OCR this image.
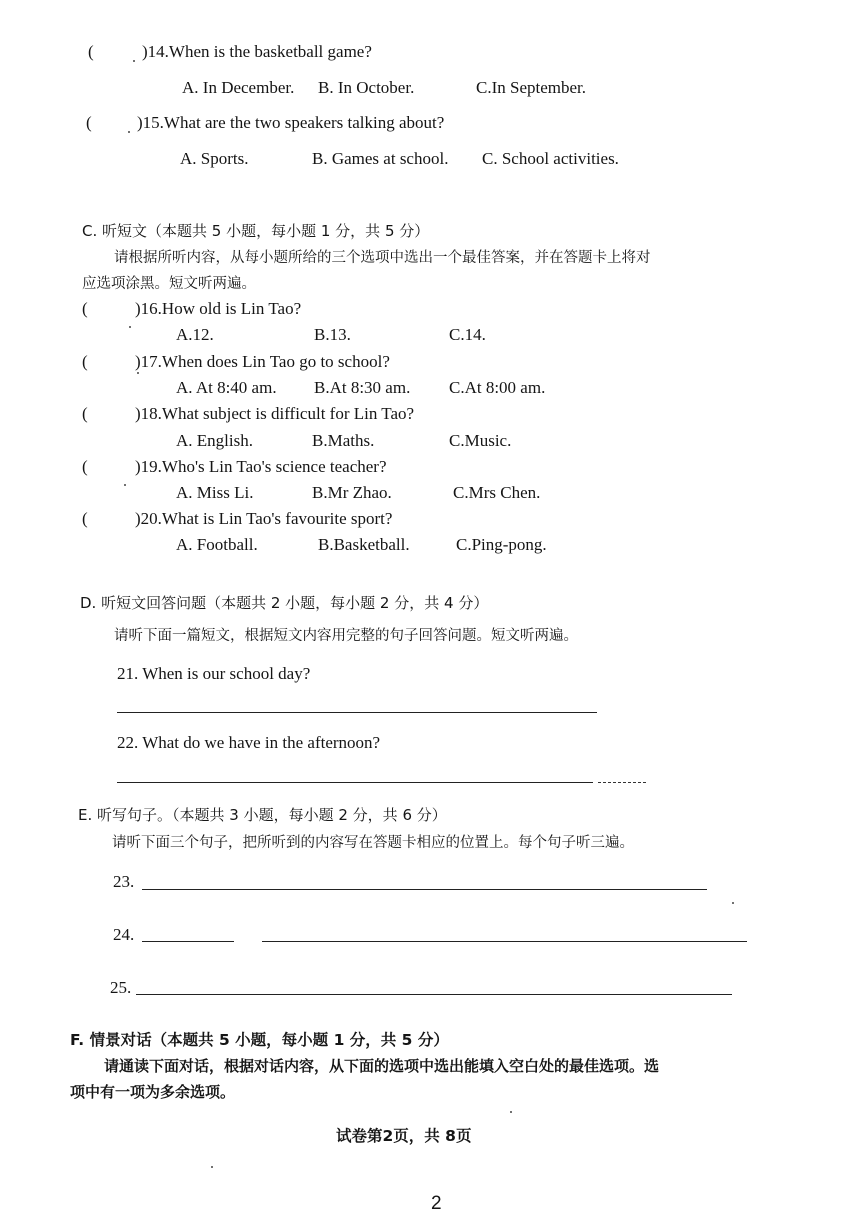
(	)14.When is the basketball game?
A. In December. B. In October.	C.In September.
(	)15.What are the two speakers talking about?
A. Sports.	B. Games at school. C. School activities.
C. 听短文（本题共 5 小题，每小题 1 分，共 5 分）
请根据所听内容，从每小题所给的三个选项中选出一个最佳答案，并在答题卡上将对
应选项涂黑。短文听两遍。
(	)16.How old is Lin Tao?
A.12.	B.13.	C.14.
(	)17.When does Lin Tao go to school?
A. At 8:40 am. B.At 8:30 am. C.At 8:00 am.
(	)18.What subject is difficult for Lin Tao?
A. English.	B.Maths.	C.Music.
(	)19.Who's Lin Tao's science teacher?
A. Miss Li.	B.Mr Zhao.	C.Mrs Chen.
(	)20.What is Lin Tao's favourite sport?
A. Football.	B.Basketball.	C.Ping-pong.
D. 听短文回答问题（本题共 2 小题，每小题 2 分，共 4 分）
请听下面一篇短文，根据短文内容用完整的句子回答问题。短文听两遍。
21. When is our school day?
22. What do we have in the afternoon?
E. 听写句子。（本题共 3 小题，每小题 2 分，共 6 分）
请听下面三个句子，把所听到的内容写在答题卡相应的位置上。每个句子听三遍。
23.
24.
25.
F. 情景对话（本题共 5 小题，每小题 1 分，共 5 分）
请通读下面对话，根据对话内容，从下面的选项中选出能填入空白处的最佳选项。选
项中有一项为多余选项。
试卷第2页，共 8页
2
